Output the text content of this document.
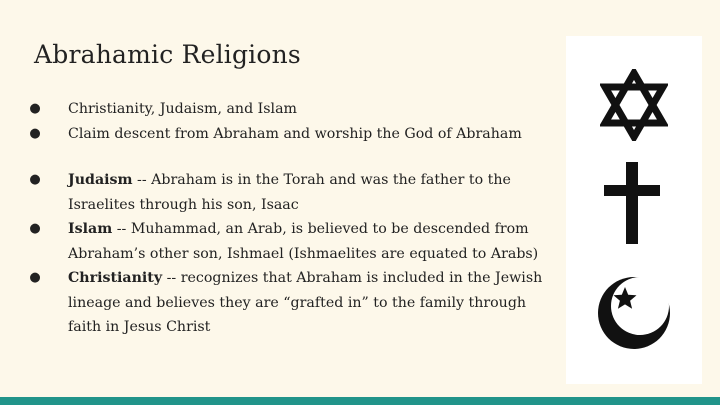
Abrahamic Religions
● Christianity, Judaism, and Islam
● Claim descent from Abraham and worship the God of Abraham
● Judaism -- Abraham is in the Torah and was the father to the Israelites through his son, Isaac
● Islam -- Muhammad, an Arab, is believed to be descended from Abraham’s other son, Ishmael (Ishmaelites are equated to Arabs)
● Christianity -- recognizes that Abraham is included in the Jewish lineage and believes they are “grafted in” to the family through faith in Jesus Christ
